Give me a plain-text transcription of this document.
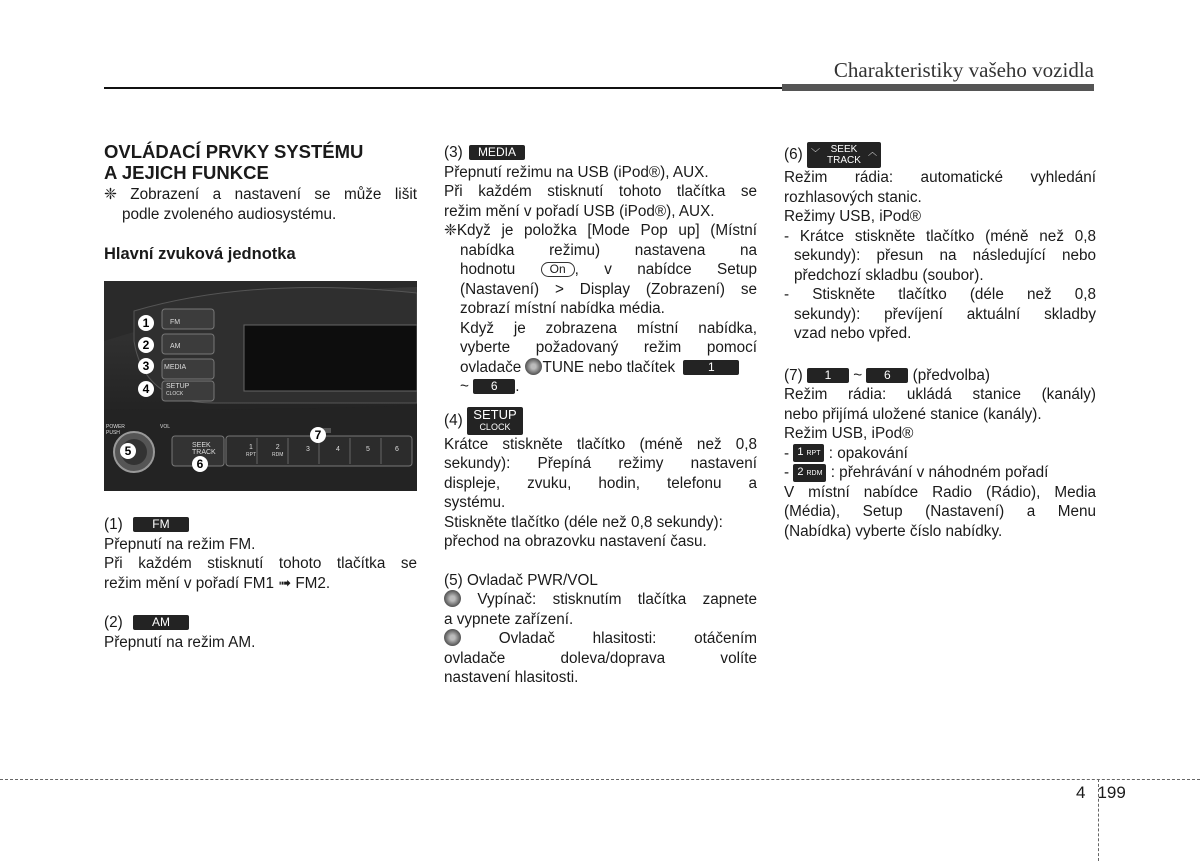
Charakteristiky vašeho vozidla

OVLÁDACÍ PRVKY SYSTÉMU

A JEJICH FUNKCE

❈ Zobrazení a nastavení se může lišit

podle zvoleného audiosystému.

Hlavní zvuková jednotka

FM
AM
MEDIA
SETUP
CLOCK
POWER
PUSH
VOL
SEEK
TRACK
1
RPT
2
RDM
3	4	5	6
1
2
3
4
5
6
7

(1) FM

Přepnutí na režim FM.

Při každém stisknutí tohoto tlačítka se

režim mění v pořadí FM1 ➟ FM2.

(2) AM

Přepnutí na režim AM.

(3) MEDIA

Přepnutí režimu na USB (iPod®), AUX.

Při každém stisknutí tohoto tlačítka se

režim mění v pořadí USB (iPod®), AUX.

❈Když je položka [Mode Pop up] (Místní

nabídka režimu) nastavena na

hodnotu	On , v nabídce Setup

(Nastavení) > Display (Zobrazení) se

zobrazí místní nabídka média.

Když je zobrazena místní nabídka,

vyberte požadovaný režim pomocí

ovladače TUNE nebo tlačítek	1

~ 6 .

(4) SETUP
CLOCK

Krátce stiskněte tlačítko (méně než 0,8

sekundy): Přepíná režimy nastavení

displeje, zvuku, hodin, telefonu a

systému.

Stiskněte tlačítko (déle než 0,8 sekundy):

přechod na obrazovku nastavení času.

(5) Ovladač PWR/VOL

Vypínač: stisknutím tlačítka zapnete

a vypnete zařízení.

Ovladač hlasitosti: otáčením

ovladače doleva/doprava volíte

nastavení hlasitosti.

(6)	SEEK
TRACK
﹀	︿

Režim rádia: automatické vyhledání

rozhlasových stanic.

Režimy USB, iPod®

- Krátce stiskněte tlačítko (méně než 0,8

sekundy): přesun na následující nebo

předchozí skladbu (soubor).

- Stiskněte tlačítko (déle než 0,8

sekundy): převíjení aktuální skladby

vzad nebo vpřed.

(7) 1 ~ 6 (předvolba)

Režim rádia: ukládá stanice (kanály)

nebo přijímá uložené stanice (kanály).

Režim USB, iPod®

- 1 RPT : opakování

- 2 RDM : přehrávání v náhodném pořadí

V místní nabídce Radio (Rádio), Media

(Média), Setup (Nastavení) a Menu

(Nabídka) vyberte číslo nabídky.

4 199
